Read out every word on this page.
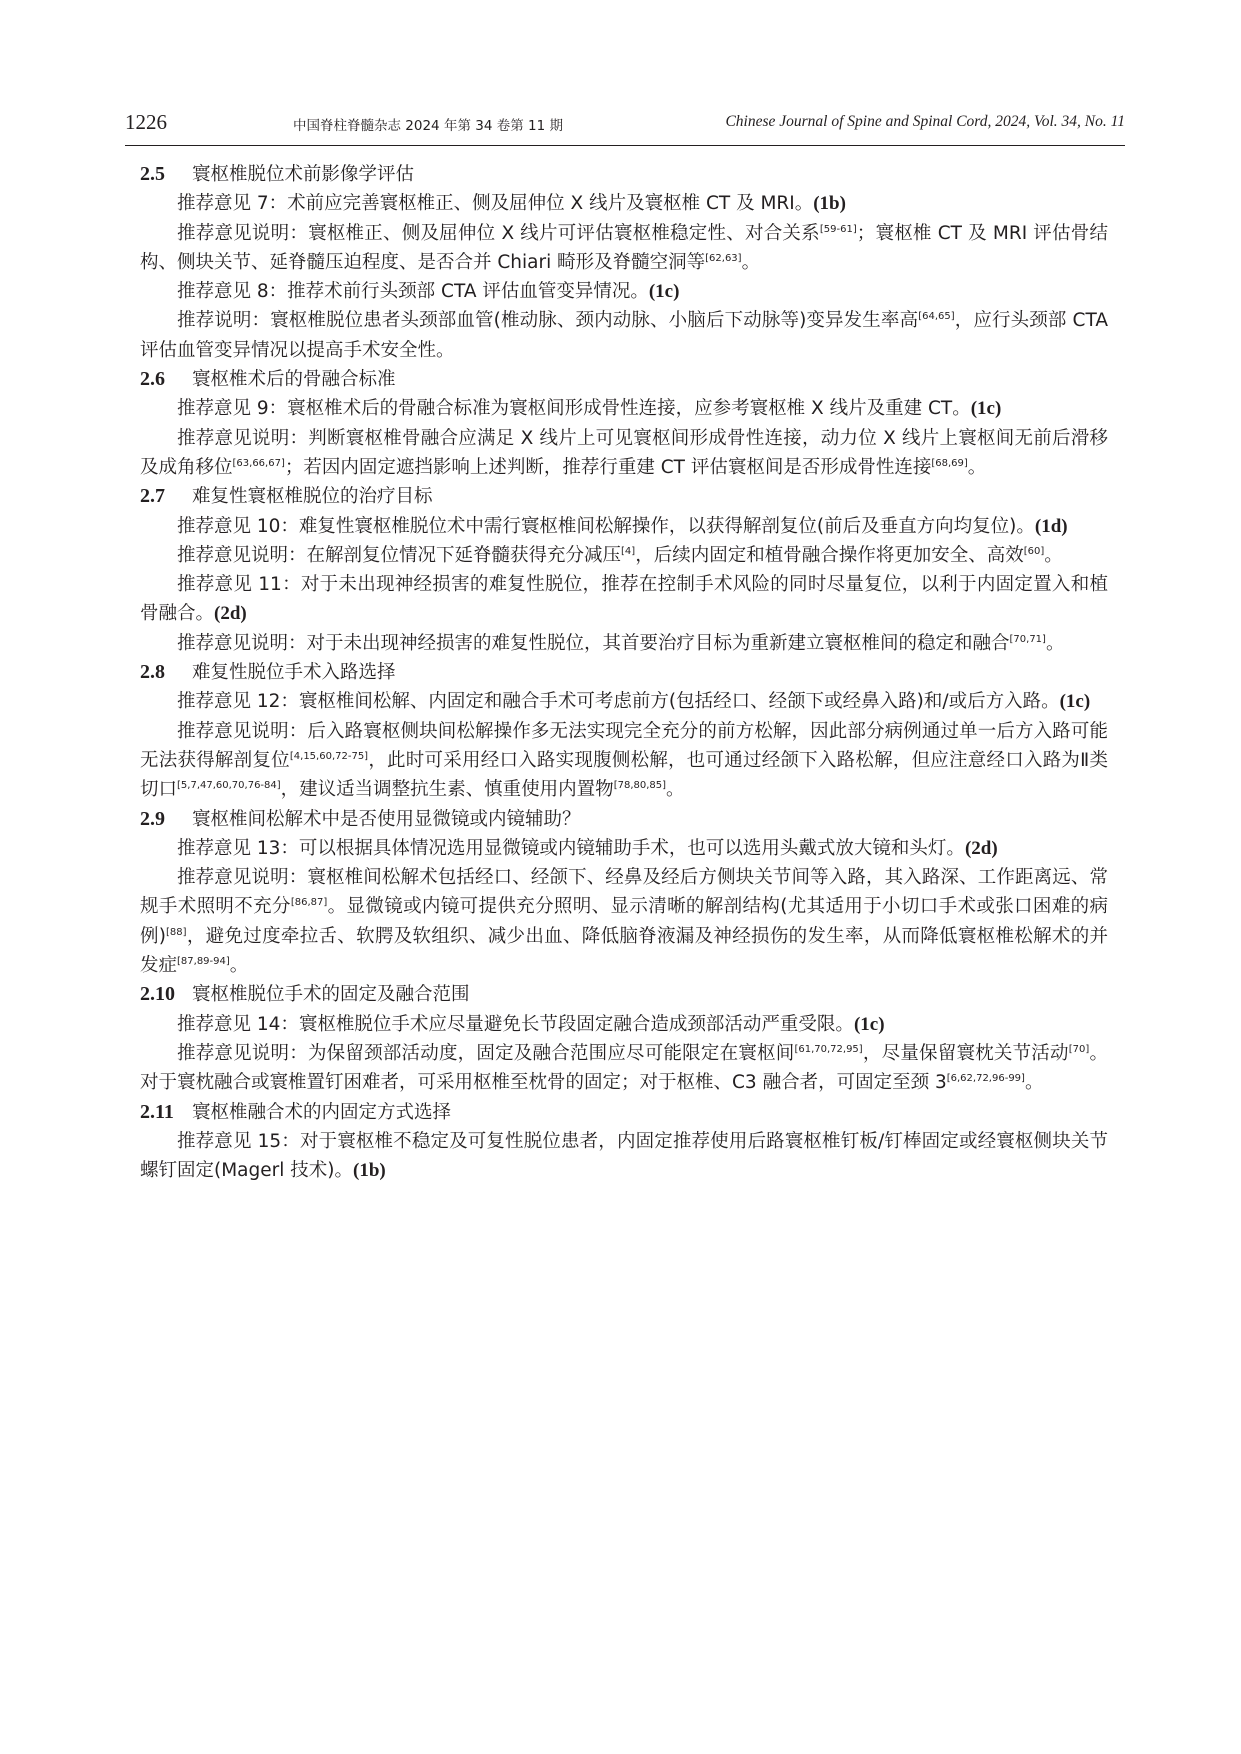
1226	中国脊柱脊髓杂志 2024 年第 34 卷第 11 期	Chinese Journal of Spine and Spinal Cord, 2024, Vol. 34, No. 11

2.5 寰枢椎脱位术前影像学评估

推荐意见 7：术前应完善寰枢椎正、侧及屈伸位 X 线片及寰枢椎 CT 及 MRI。(1b)

推荐意见说明：寰枢椎正、侧及屈伸位 X 线片可评估寰枢椎稳定性、对合关系[59-61]；寰枢椎 CT 及 MRI 评估骨结构、侧块关节、延脊髓压迫程度、是否合并 Chiari 畸形及脊髓空洞等[62,63]。

推荐意见 8：推荐术前行头颈部 CTA 评估血管变异情况。(1c)

推荐说明：寰枢椎脱位患者头颈部血管(椎动脉、颈内动脉、小脑后下动脉等)变异发生率高[64,65]，应行头颈部 CTA 评估血管变异情况以提高手术安全性。

2.6 寰枢椎术后的骨融合标准

推荐意见 9：寰枢椎术后的骨融合标准为寰枢间形成骨性连接，应参考寰枢椎 X 线片及重建 CT。(1c)

推荐意见说明：判断寰枢椎骨融合应满足 X 线片上可见寰枢间形成骨性连接，动力位 X 线片上寰枢间无前后滑移及成角移位[63,66,67]；若因内固定遮挡影响上述判断，推荐行重建 CT 评估寰枢间是否形成骨性连接[68,69]。

2.7 难复性寰枢椎脱位的治疗目标

推荐意见 10：难复性寰枢椎脱位术中需行寰枢椎间松解操作，以获得解剖复位(前后及垂直方向均复位)。(1d)

推荐意见说明：在解剖复位情况下延脊髓获得充分减压[4]，后续内固定和植骨融合操作将更加安全、高效[60]。

推荐意见 11：对于未出现神经损害的难复性脱位，推荐在控制手术风险的同时尽量复位，以利于内固定置入和植骨融合。(2d)

推荐意见说明：对于未出现神经损害的难复性脱位，其首要治疗目标为重新建立寰枢椎间的稳定和融合[70,71]。

2.8 难复性脱位手术入路选择

推荐意见 12：寰枢椎间松解、内固定和融合手术可考虑前方(包括经口、经颌下或经鼻入路)和/或后方入路。(1c)

推荐意见说明：后入路寰枢侧块间松解操作多无法实现完全充分的前方松解，因此部分病例通过单一后方入路可能无法获得解剖复位[4,15,60,72-75]，此时可采用经口入路实现腹侧松解，也可通过经颌下入路松解，但应注意经口入路为Ⅱ类切口[5,7,47,60,70,76-84]，建议适当调整抗生素、慎重使用内置物[78,80,85]。

2.9 寰枢椎间松解术中是否使用显微镜或内镜辅助？

推荐意见 13：可以根据具体情况选用显微镜或内镜辅助手术，也可以选用头戴式放大镜和头灯。(2d)

推荐意见说明：寰枢椎间松解术包括经口、经颌下、经鼻及经后方侧块关节间等入路，其入路深、工作距离远、常规手术照明不充分[86,87]。显微镜或内镜可提供充分照明、显示清晰的解剖结构(尤其适用于小切口手术或张口困难的病例)[88]，避免过度牵拉舌、软腭及软组织、减少出血、降低脑脊液漏及神经损伤的发生率，从而降低寰枢椎松解术的并发症[87,89-94]。

2.10 寰枢椎脱位手术的固定及融合范围

推荐意见 14：寰枢椎脱位手术应尽量避免长节段固定融合造成颈部活动严重受限。(1c)

推荐意见说明：为保留颈部活动度，固定及融合范围应尽可能限定在寰枢间[61,70,72,95]，尽量保留寰枕关节活动[70]。对于寰枕融合或寰椎置钉困难者，可采用枢椎至枕骨的固定；对于枢椎、C3 融合者，可固定至颈 3[6,62,72,96-99]。

2.11 寰枢椎融合术的内固定方式选择

推荐意见 15：对于寰枢椎不稳定及可复性脱位患者，内固定推荐使用后路寰枢椎钉板/钉棒固定或经寰枢侧块关节螺钉固定(Magerl 技术)。(1b)
